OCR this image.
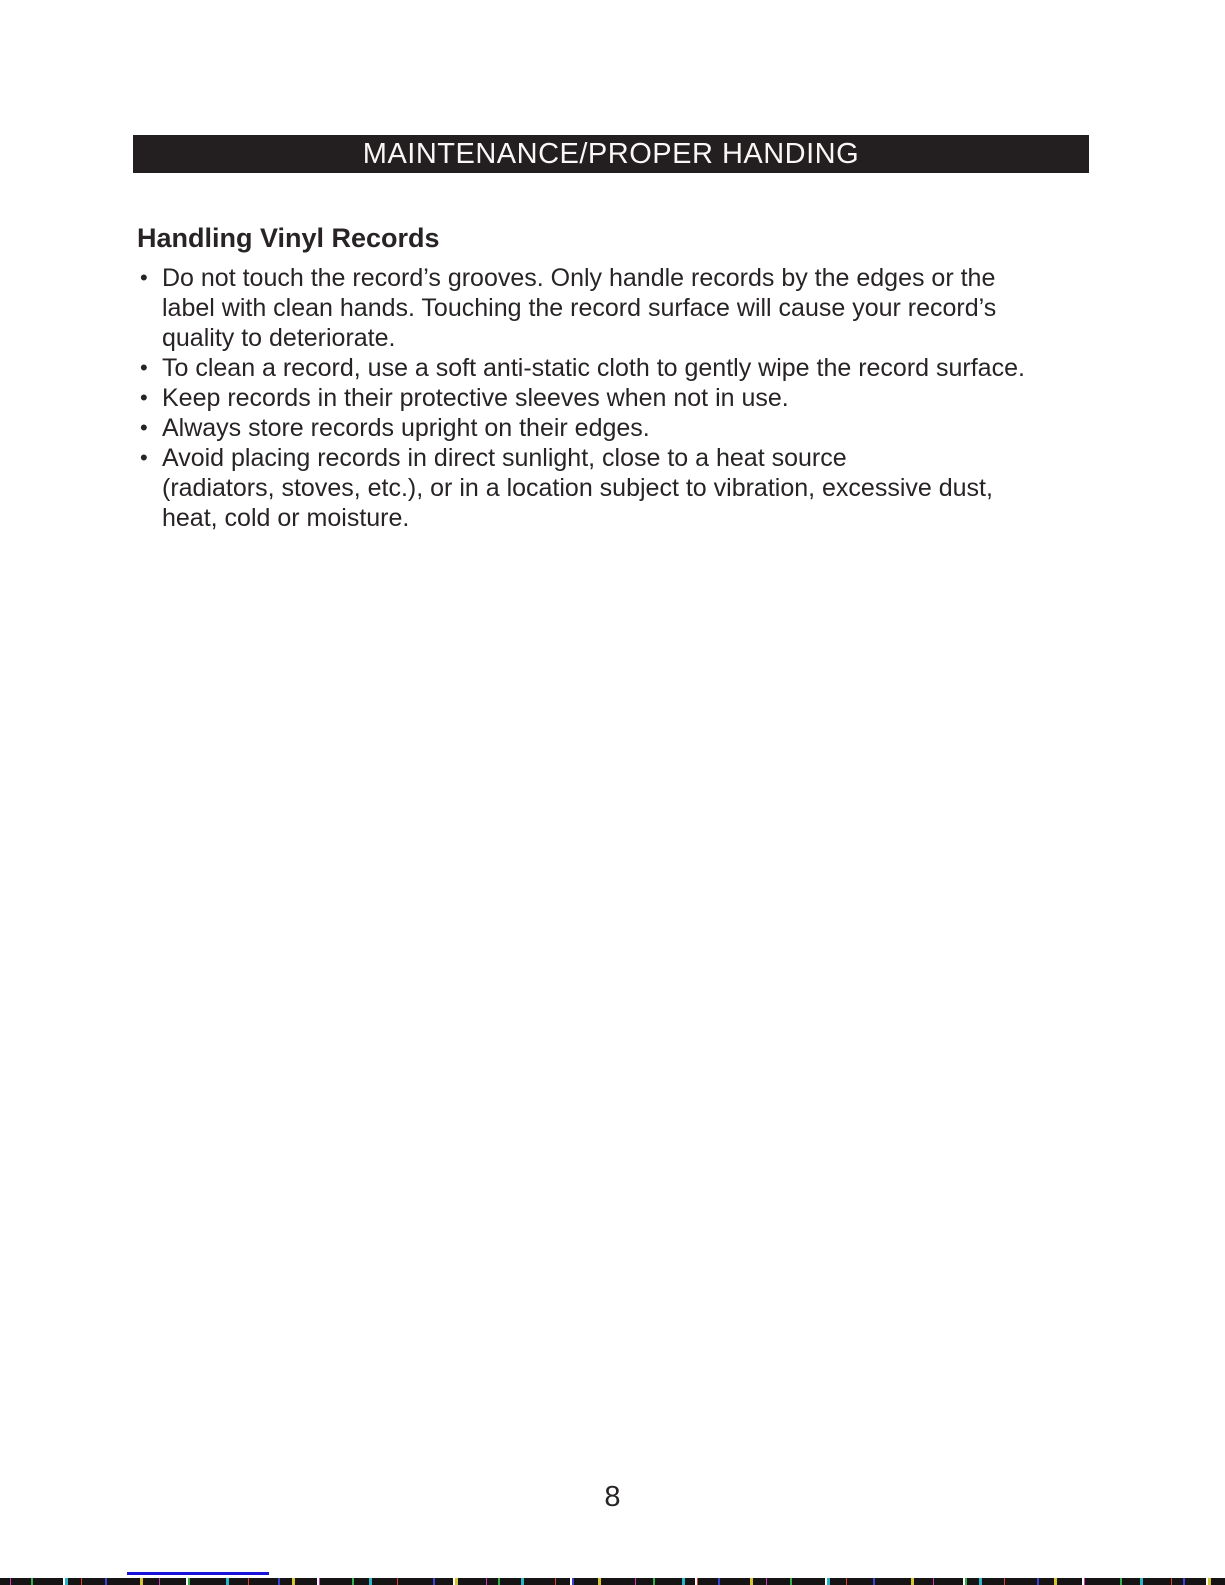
MAINTENANCE/PROPER HANDING
Handling Vinyl Records
• Do not touch the record’s grooves. Only handle records by the edges or the
label with clean hands. Touching the record surface will cause your record’s
quality to deteriorate.
• To clean a record, use a soft anti-static cloth to gently wipe the record surface.
• Keep records in their protective sleeves when not in use.
• Always store records upright on their edges.
• Avoid placing records in direct sunlight, close to a heat source
(radiators, stoves, etc.), or in a location subject to vibration, excessive dust,
heat, cold or moisture.
8
